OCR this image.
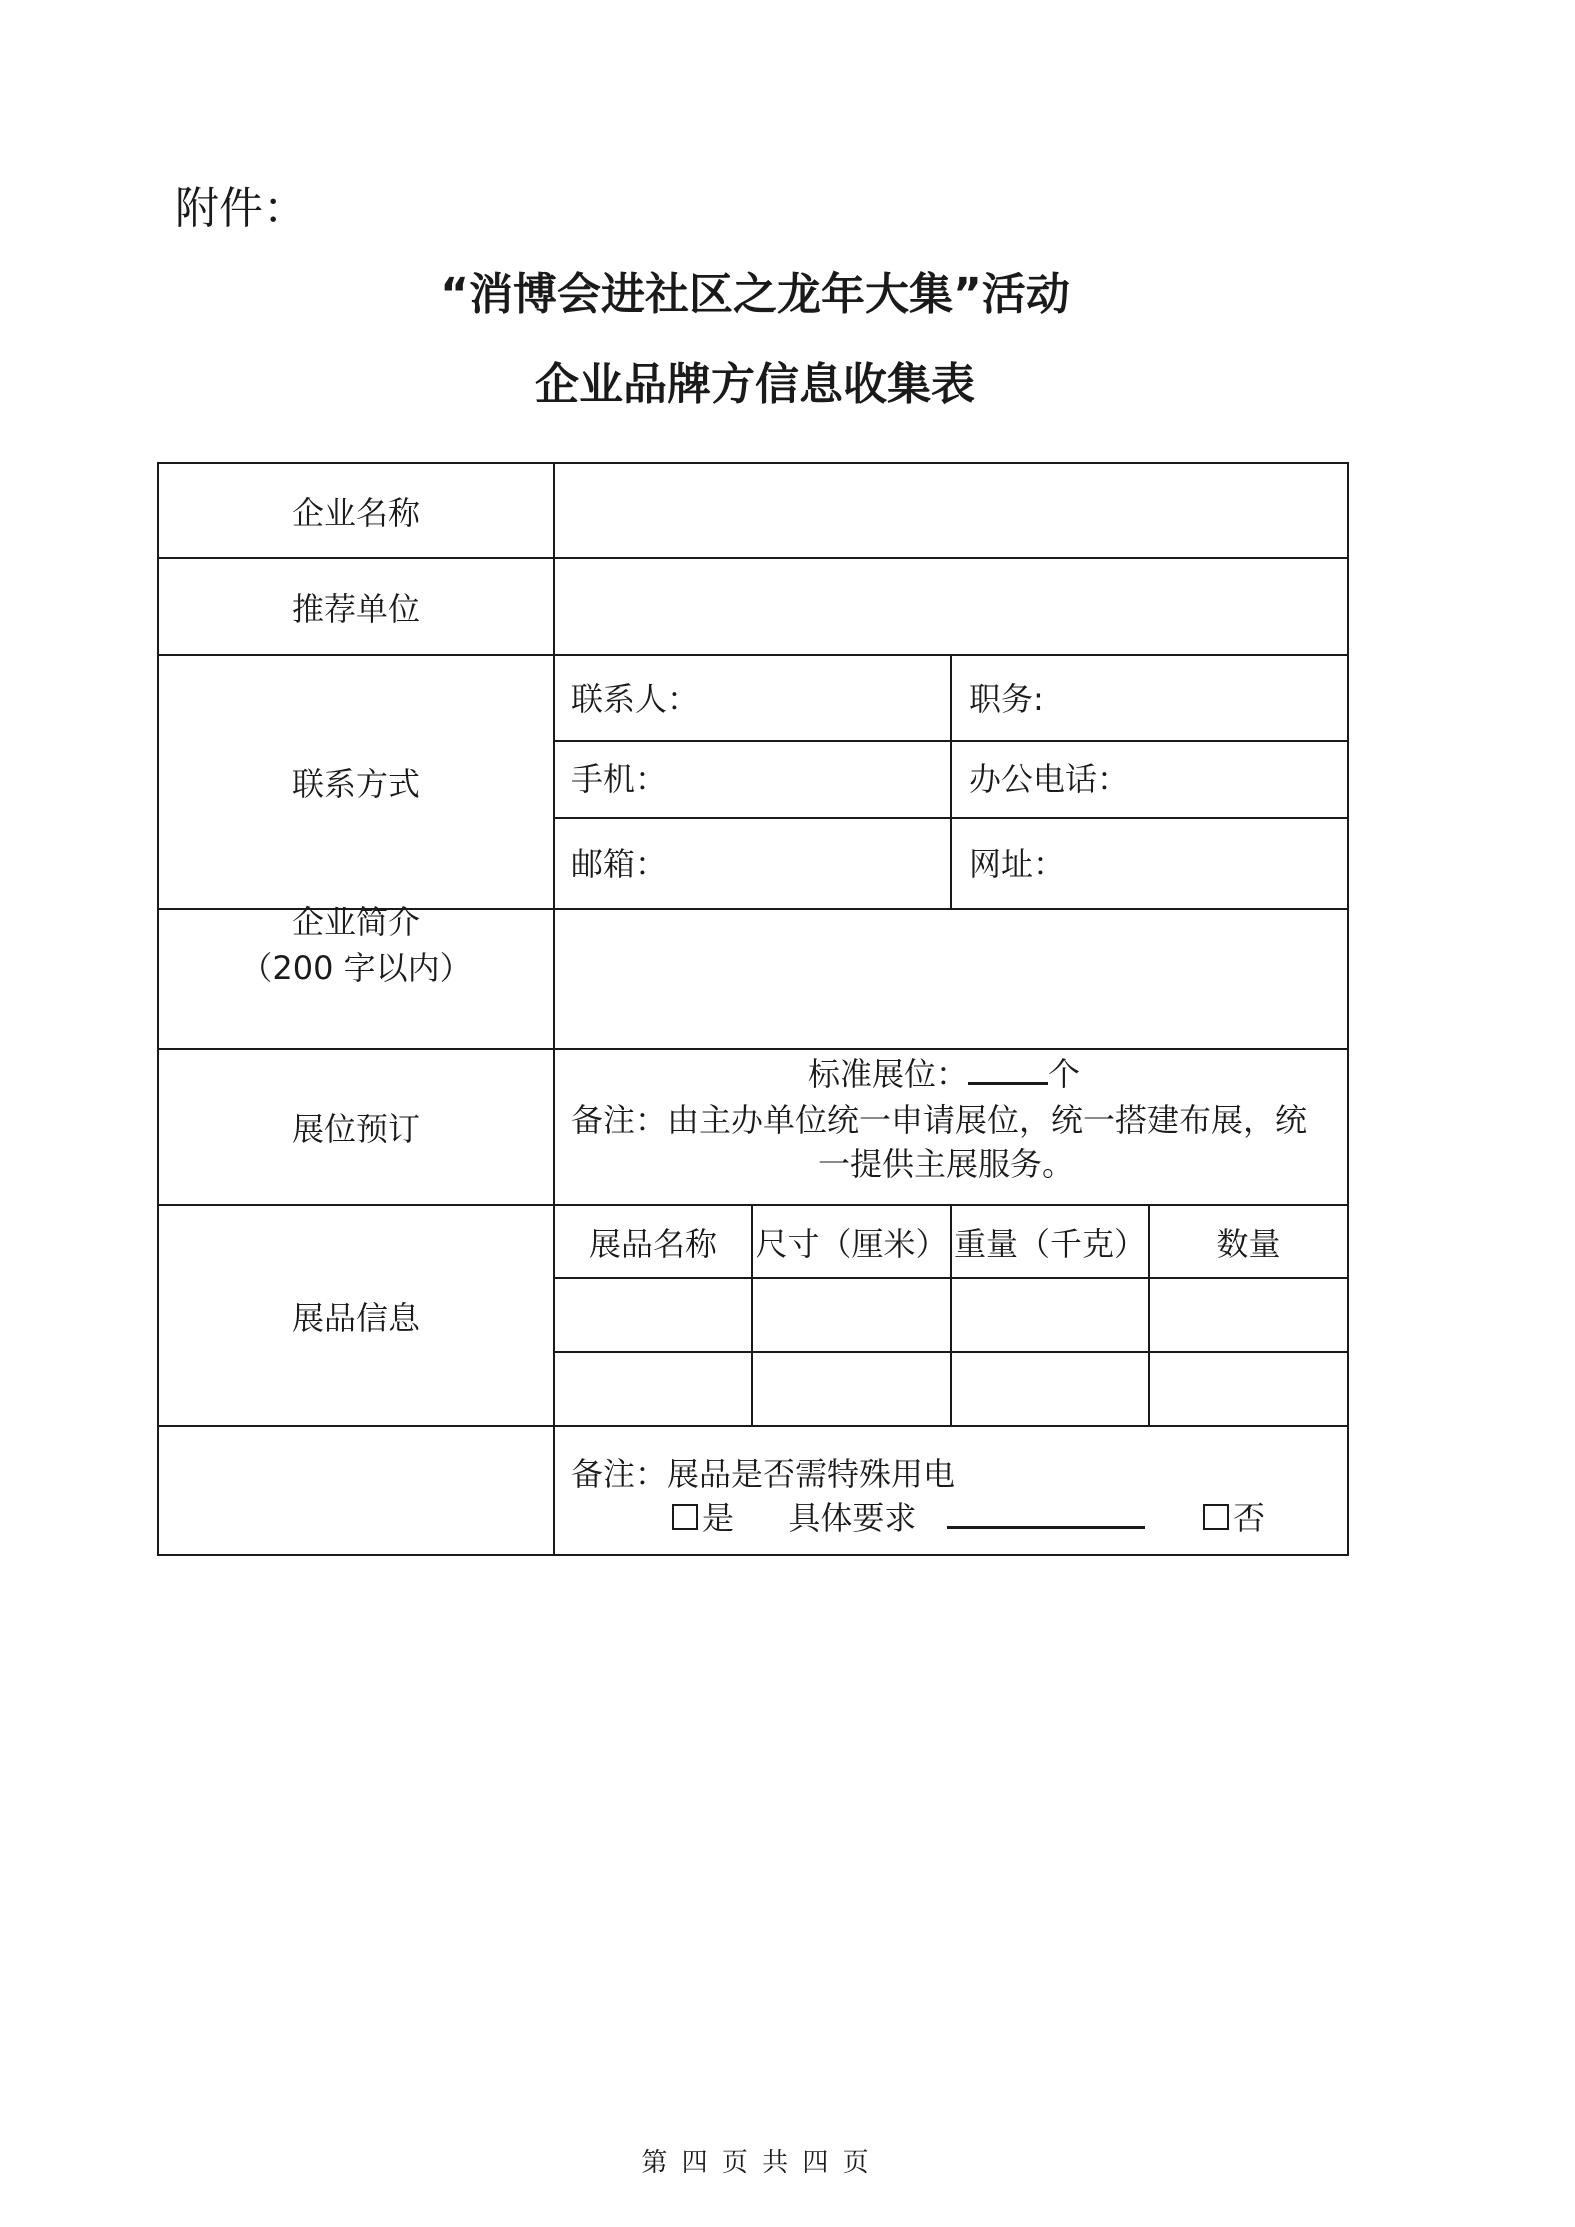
附件：
“消博会进社区之龙年大集”活动
企业品牌方信息收集表
企业名称
推荐单位
联系方式
联系人：	职务:
手机：	办公电话：
邮箱：	网址：
企业简介
（200 字以内）
展位预订
标准展位：	个
备注：由主办单位统一申请展位，统一搭建布展，统
一提供主展服务。
展品信息
展品名称	尺寸（厘米） 重量（千克）	数量
备注：展品是否需特殊用电
是 具体要求	否
第 四 页 共 四 页
